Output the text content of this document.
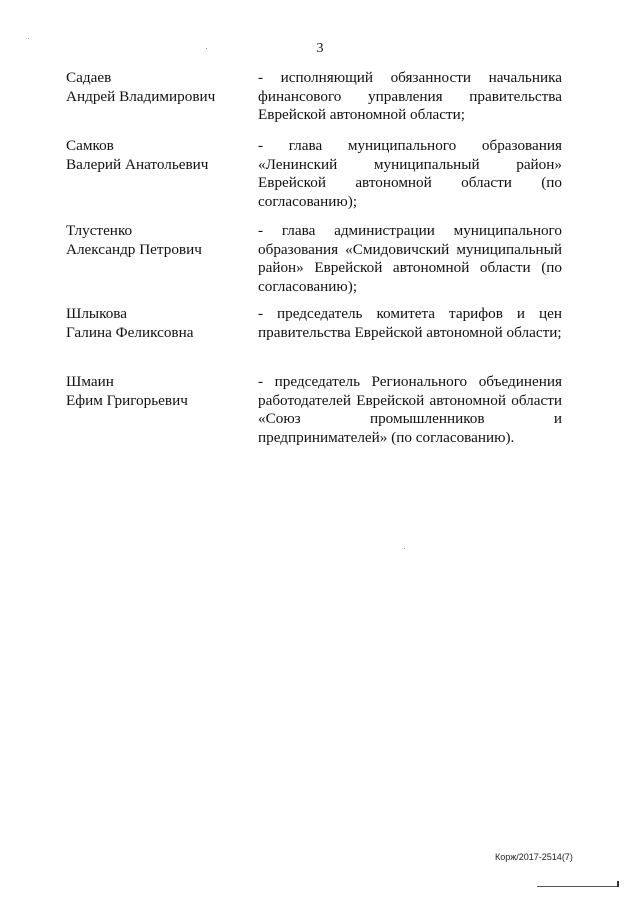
3
Садаев
Андрей Владимирович
- исполняющий обязанности начальника финансового управления правительства Еврейской автономной области;
Самков
Валерий Анатольевич
- глава муниципального образования «Ленинский муниципальный район» Еврейской автономной области (по согласованию);
Тлустенко
Александр Петрович
- глава администрации муниципального образования «Смидовичский муниципальный район» Еврейской автономной области (по согласованию);
Шлыкова
Галина Феликсовна
- председатель комитета тарифов и цен правительства Еврейской автономной области;
Шмаин
Ефим Григорьевич
- председатель Регионального объединения работодателей Еврейской автономной области «Союз промышленников и предпринимателей» (по согласованию).
Корж/2017-2514(7)
